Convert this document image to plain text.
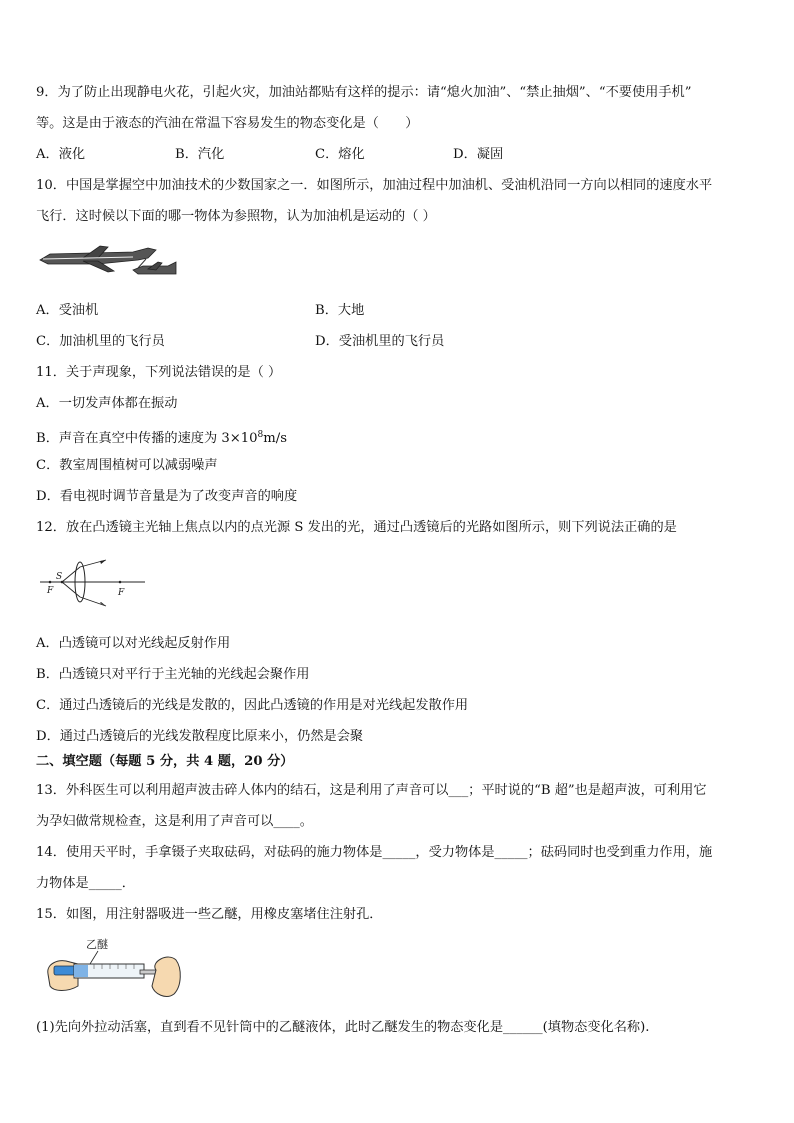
9．为了防止出现静电火花，引起火灾，加油站都贴有这样的提示：请“熄火加油”、“禁止抽烟”、“不要使用手机”
等。这是由于液态的汽油在常温下容易发生的物态变化是（　　）
A．液化	B．汽化	C．熔化	D．凝固
10．中国是掌握空中加油技术的少数国家之一．如图所示，加油过程中加油机、受油机沿同一方向以相同的速度水平
飞行．这时候以下面的哪一物体为参照物，认为加油机是运动的（ ）
A．受油机	B．大地
C．加油机里的飞行员	D．受油机里的飞行员
11．关于声现象，下列说法错误的是（ ）
A．一切发声体都在振动
B．声音在真空中传播的速度为 $3\times 10^8m/s$
C．教室周围植树可以减弱噪声
D．看电视时调节音量是为了改变声音的响度
12．放在凸透镜主光轴上焦点以内的点光源 S 发出的光，通过凸透镜后的光路如图所示，则下列说法正确的是
S
F	F
A．凸透镜可以对光线起反射作用
B．凸透镜只对平行于主光轴的光线起会聚作用
C．通过凸透镜后的光线是发散的，因此凸透镜的作用是对光线起发散作用
D．通过凸透镜后的光线发散程度比原来小，仍然是会聚
二、填空题（每题 5 分，共 4 题，20 分）
13．外科医生可以利用超声波击碎人体内的结石，这是利用了声音可以___；平时说的“B 超”也是超声波，可利用它
为孕妇做常规检查，这是利用了声音可以____。
14．使用天平时，手拿镊子夹取砝码，对砝码的施力物体是_____，受力物体是_____；砝码同时也受到重力作用，施
力物体是_____．
15．如图，用注射器吸进一些乙醚，用橡皮塞堵住注射孔．
乙醚
(1)先向外拉动活塞，直到看不见针筒中的乙醚液体，此时乙醚发生的物态变化是______(填物态变化名称).
